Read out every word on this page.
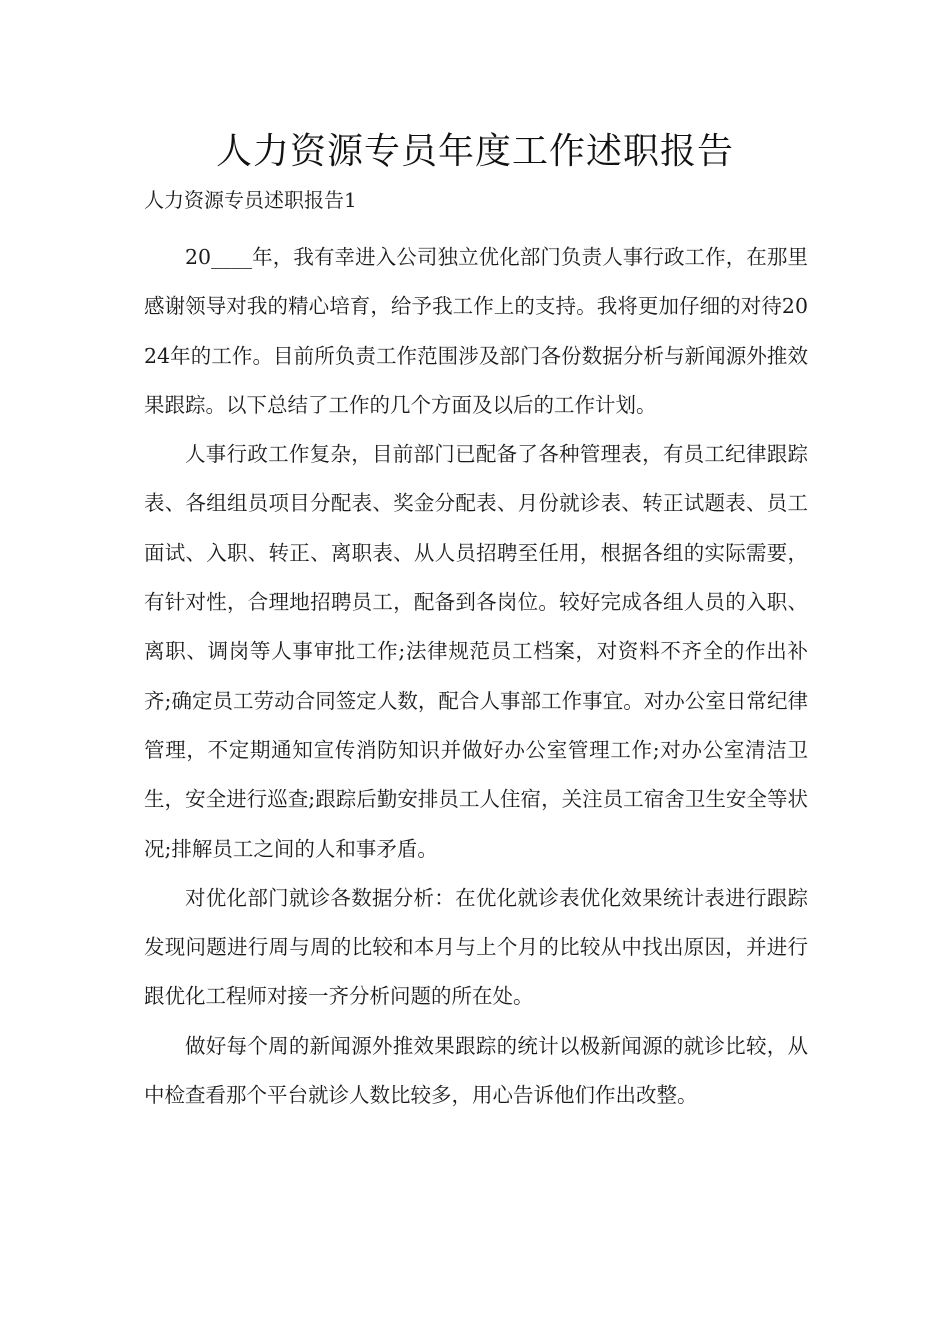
人力资源专员年度工作述职报告

人力资源专员述职报告1

20____年，我有幸进入公司独立优化部门负责人事行政工作，在那里感谢领导对我的精心培育，给予我工作上的支持。我将更加仔细的对待2024年的工作。目前所负责工作范围涉及部门各份数据分析与新闻源外推效果跟踪。以下总结了工作的几个方面及以后的工作计划。

人事行政工作复杂，目前部门已配备了各种管理表，有员工纪律跟踪表、各组组员项目分配表、奖金分配表、月份就诊表、转正试题表、员工面试、入职、转正、离职表、从人员招聘至任用，根据各组的实际需要，有针对性，合理地招聘员工，配备到各岗位。较好完成各组人员的入职、离职、调岗等人事审批工作;法律规范员工档案，对资料不齐全的作出补齐;确定员工劳动合同签定人数，配合人事部工作事宜。对办公室日常纪律管理，不定期通知宣传消防知识并做好办公室管理工作;对办公室清洁卫生，安全进行巡查;跟踪后勤安排员工人住宿，关注员工宿舍卫生安全等状况;排解员工之间的人和事矛盾。

对优化部门就诊各数据分析：在优化就诊表优化效果统计表进行跟踪发现问题进行周与周的比较和本月与上个月的比较从中找出原因，并进行跟优化工程师对接一齐分析问题的所在处。

做好每个周的新闻源外推效果跟踪的统计以极新闻源的就诊比较，从中检查看那个平台就诊人数比较多，用心告诉他们作出改整。
